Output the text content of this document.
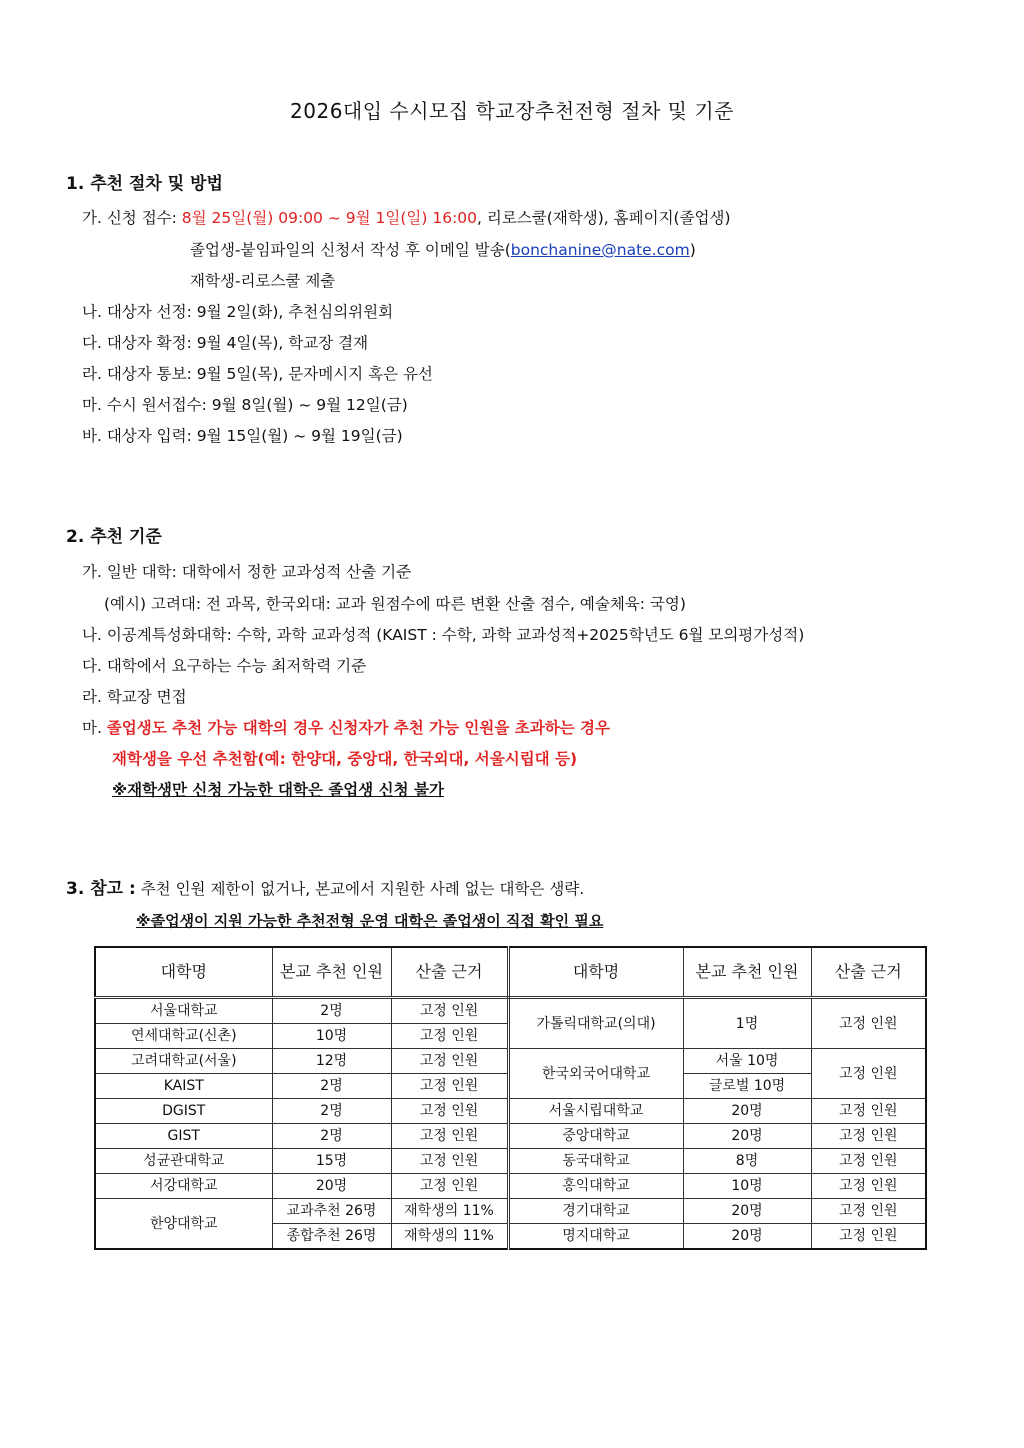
2026대입 수시모집 학교장추천전형 절차 및 기준
1. 추천 절차 및 방법
가. 신청 접수: 8월 25일(월) 09:00 ~ 9월 1일(일) 16:00, 리로스쿨(재학생), 홈페이지(졸업생)
졸업생-붙임파일의 신청서 작성 후 이메일 발송(bonchanine@nate.com)
재학생-리로스쿨 제출
나. 대상자 선정: 9월 2일(화), 추천심의위원회
다. 대상자 확정: 9월 4일(목), 학교장 결재
라. 대상자 통보: 9월 5일(목), 문자메시지 혹은 유선
마. 수시 원서접수: 9월 8일(월) ~ 9월 12일(금)
바. 대상자 입력: 9월 15일(월) ~ 9월 19일(금)
2. 추천 기준
가. 일반 대학: 대학에서 정한 교과성적 산출 기준
(예시) 고려대: 전 과목, 한국외대: 교과 원점수에 따른 변환 산출 점수, 예술체육: 국영)
나. 이공계특성화대학: 수학, 과학 교과성적 (KAIST : 수학, 과학 교과성적+2025학년도 6월 모의평가성적)
다. 대학에서 요구하는 수능 최저학력 기준
라. 학교장 면접
마. 졸업생도 추천 가능 대학의 경우 신청자가 추천 가능 인원을 초과하는 경우
재학생을 우선 추천함(예: 한양대, 중앙대, 한국외대, 서울시립대 등)
※재학생만 신청 가능한 대학은 졸업생 신청 불가
3. 참고 : 추천 인원 제한이 없거나, 본교에서 지원한 사례 없는 대학은 생략.
※졸업생이 지원 가능한 추천전형 운영 대학은 졸업생이 직접 확인 필요
대학명	본교 추천 인원	산출 근거	대학명	본교 추천 인원	산출 근거
서울대학교	2명	고정 인원	가톨릭대학교(의대)	1명	고정 인원
연세대학교(신촌)	10명	고정 인원			
고려대학교(서울)	12명	고정 인원	한국외국어대학교	서울 10명	고정 인원
KAIST	2명	고정 인원		글로벌 10명	
DGIST	2명	고정 인원	서울시립대학교	20명	고정 인원
GIST	2명	고정 인원	중앙대학교	20명	고정 인원
성균관대학교	15명	고정 인원	동국대학교	8명	고정 인원
서강대학교	20명	고정 인원	홍익대학교	10명	고정 인원
한양대학교	교과추천 26명	재학생의 11%	경기대학교	20명	고정 인원
	종합추천 26명	재학생의 11%	명지대학교	20명	고정 인원
